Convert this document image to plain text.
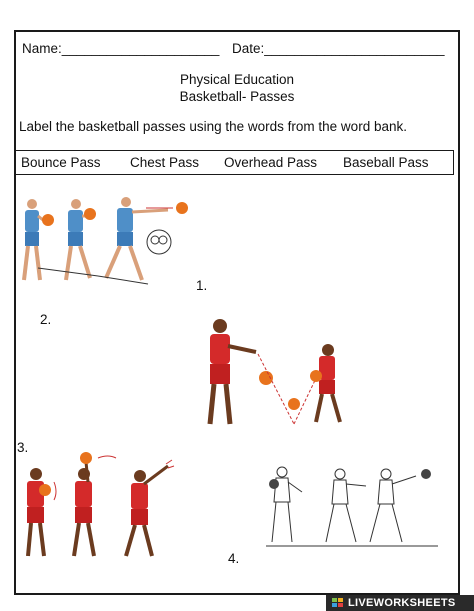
Name:_____________________ Date:________________________
Physical Education
Basketball- Passes
Label the basketball passes using the words from the word bank.
Bounce Pass Chest Pass Overhead Pass Baseball Pass
1.
2.
3.
4.
LIVEWORKSHEETS
